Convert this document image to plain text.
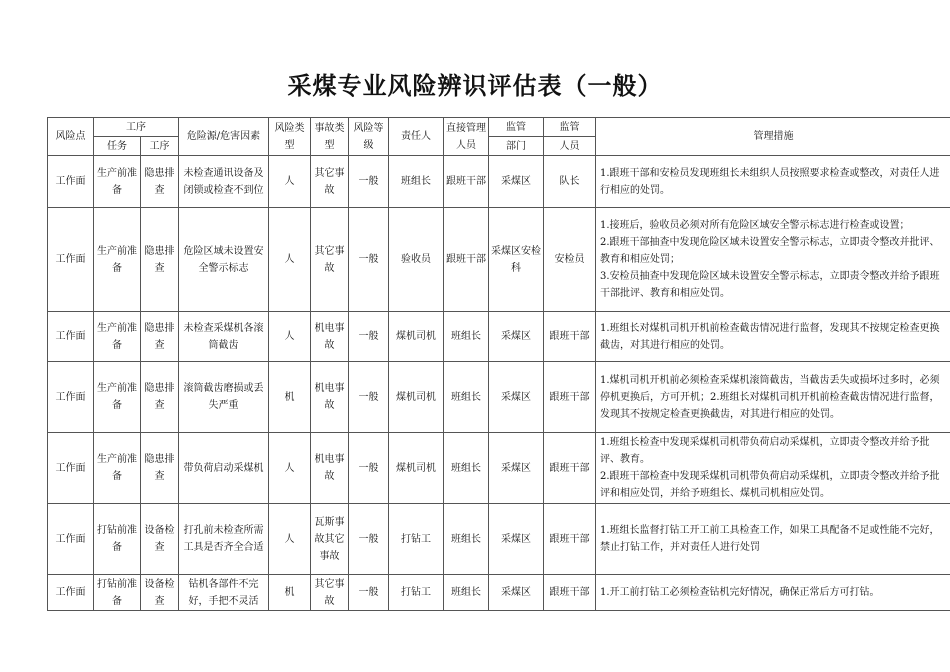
采煤专业风险辨识评估表（一般）
风险点	工序		危险源/危害因素	风险类型	事故类型	风险等级	责任人	直接管理人员	监管	监管	管理措施
	任务	工序							部门	人员	
工作面	生产前准备	隐患排查	未检查通讯设备及闭锁或检查不到位	人	其它事故	一般	班组长	跟班干部	采煤区	队长	1.跟班干部和安检员发现班组长未组织人员按照要求检查或整改，对责任人进行相应的处罚。

工作面	生产前准备	隐患排查	危险区域未设置安全警示标志	人	其它事故	一般	验收员	跟班干部	采煤区安检科	安检员	1.接班后，验收员必须对所有危险区域安全警示标志进行检查或设置；
2.跟班干部抽查中发现危险区域未设置安全警示标志，立即责令整改并批评、教育和相应处罚；
3.安检员抽查中发现危险区域未设置安全警示标志，立即责令整改并给予跟班干部批评、教育和相应处罚。

工作面	生产前准备	隐患排查	未检查采煤机各滚筒截齿	人	机电事故	一般	煤机司机	班组长	采煤区	跟班干部	1.班组长对煤机司机开机前检查截齿情况进行监督，发现其不按规定检查更换截齿，对其进行相应的处罚。

工作面	生产前准备	隐患排查	滚筒截齿磨损或丢失严重	机	机电事故	一般	煤机司机	班组长	采煤区	跟班干部	1.煤机司机开机前必须检查采煤机滚筒截齿，当截齿丢失或损坏过多时，必须停机更换后，方可开机；2.班组长对煤机司机开机前检查截齿情况进行监督，发现其不按规定检查更换截齿，对其进行相应的处罚。

工作面	生产前准备	隐患排查	带负荷启动采煤机	人	机电事故	一般	煤机司机	班组长	采煤区	跟班干部	1.班组长检查中发现采煤机司机带负荷启动采煤机，立即责令整改并给予批评、教育。
2.跟班干部检查中发现采煤机司机带负荷启动采煤机，立即责令整改并给予批评和相应处罚，并给予班组长、煤机司机相应处罚。

工作面	打钻前准备	设备检查	打孔前未检查所需工具是否齐全合适	人	瓦斯事故其它事故	一般	打钻工	班组长	采煤区	跟班干部	1.班组长监督打钻工开工前工具检查工作，如果工具配备不足或性能不完好，禁止打钻工作，并对责任人进行处罚

工作面	打钻前准备	设备检查	钻机各部件不完好，手把不灵活	机	其它事故	一般	打钻工	班组长	采煤区	跟班干部	1.开工前打钻工必须检查钻机完好情况，确保正常后方可打钻。
